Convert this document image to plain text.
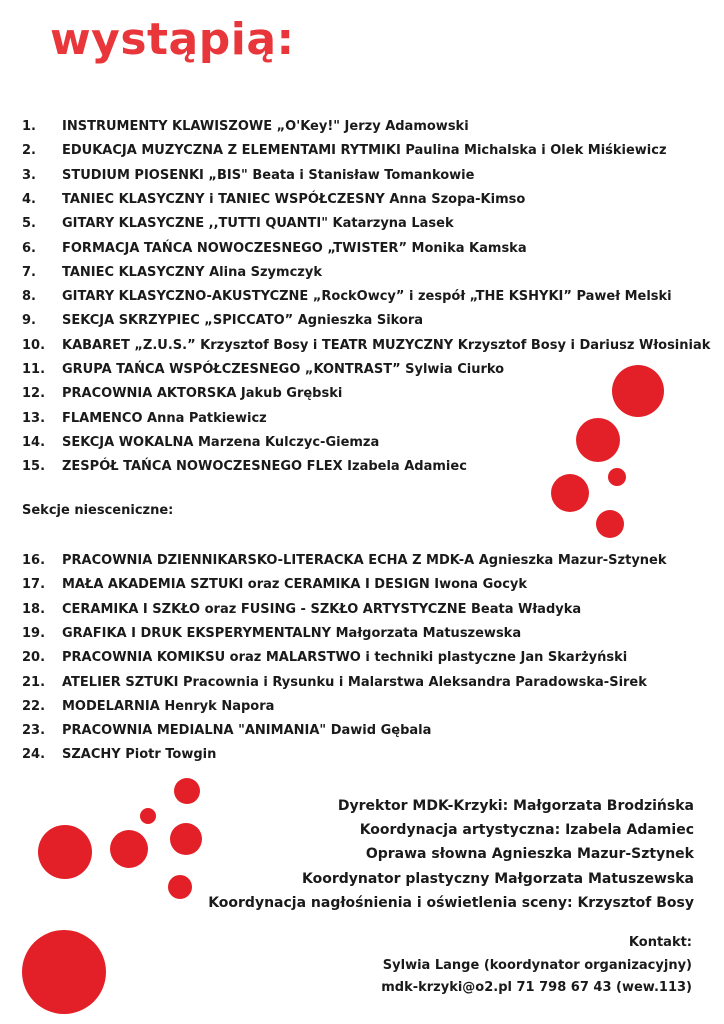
wystąpią:
1. INSTRUMENTY KLAWISZOWE „O'Key!" Jerzy Adamowski
2. EDUKACJA MUZYCZNA Z ELEMENTAMI RYTMIKI Paulina Michalska i Olek Miśkiewicz
3. STUDIUM PIOSENKI „BIS" Beata i Stanisław Tomankowie
4. TANIEC KLASYCZNY i TANIEC WSPÓŁCZESNY Anna Szopa-Kimso
5. GITARY KLASYCZNE ,,TUTTI QUANTI" Katarzyna Lasek
6. FORMACJA TAŃCA NOWOCZESNEGO „TWISTER” Monika Kamska
7. TANIEC KLASYCZNY Alina Szymczyk
8. GITARY KLASYCZNO-AKUSTYCZNE „RockOwcy” i zespół „THE KSHYKI” Paweł Melski
9. SEKCJA SKRZYPIEC „SPICCATO” Agnieszka Sikora
10. KABARET „Z.U.S.” Krzysztof Bosy i TEATR MUZYCZNY Krzysztof Bosy i Dariusz Włosiniak
11. GRUPA TAŃCA WSPÓŁCZESNEGO „KONTRAST” Sylwia Ciurko
12. PRACOWNIA AKTORSKA Jakub Grębski
13. FLAMENCO Anna Patkiewicz
14. SEKCJA WOKALNA Marzena Kulczyc-Giemza
15. ZESPÓŁ TAŃCA NOWOCZESNEGO FLEX Izabela Adamiec
Sekcje niesceniczne:
16. PRACOWNIA DZIENNIKARSKO-LITERACKA ECHA Z MDK-A Agnieszka Mazur-Sztynek
17. MAŁA AKADEMIA SZTUKI oraz CERAMIKA I DESIGN Iwona Gocyk
18. CERAMIKA I SZKŁO oraz FUSING - SZKŁO ARTYSTYCZNE Beata Władyka
19. GRAFIKA I DRUK EKSPERYMENTALNY Małgorzata Matuszewska
20. PRACOWNIA KOMIKSU oraz MALARSTWO i techniki plastyczne Jan Skarżyński
21. ATELIER SZTUKI Pracownia i Rysunku i Malarstwa Aleksandra Paradowska-Sirek
22. MODELARNIA Henryk Napora
23. PRACOWNIA MEDIALNA "ANIMANIA" Dawid Gębala
24. SZACHY Piotr Towgin
Dyrektor MDK-Krzyki: Małgorzata Brodzińska
Koordynacja artystyczna: Izabela Adamiec
Oprawa słowna Agnieszka Mazur-Sztynek
Koordynator plastyczny Małgorzata Matuszewska
Koordynacja nagłośnienia i oświetlenia sceny: Krzysztof Bosy
Kontakt:
Sylwia Lange (koordynator organizacyjny)
mdk-krzyki@o2.pl 71 798 67 43 (wew.113)
